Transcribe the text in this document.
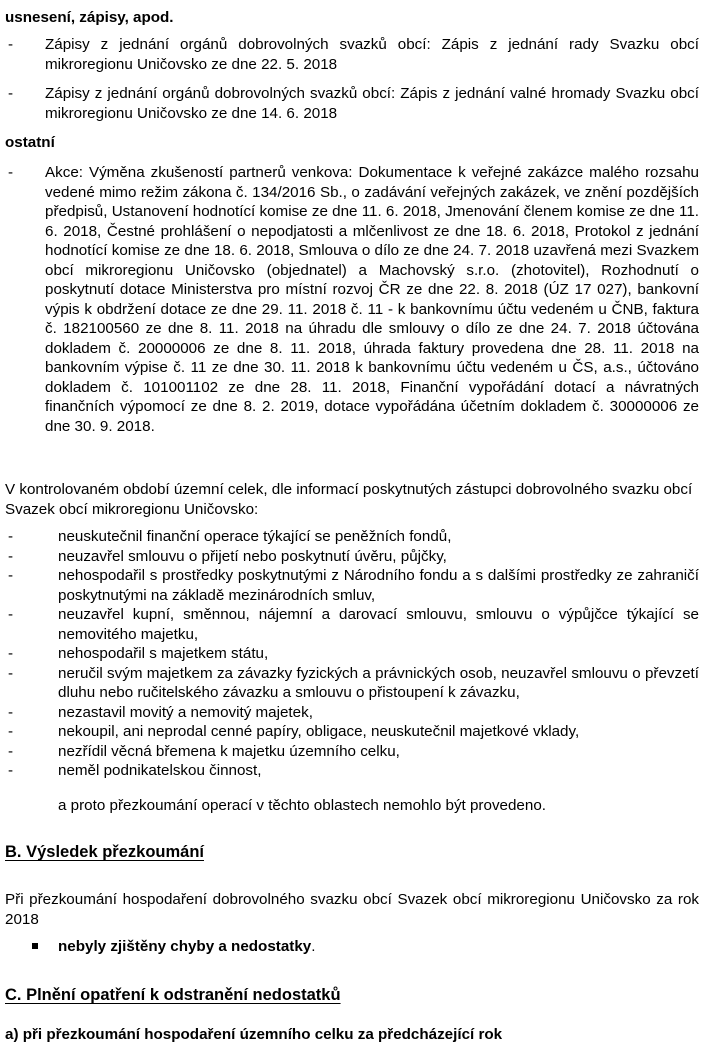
usnesení, zápisy, apod.
- Zápisy z jednání orgánů dobrovolných svazků obcí: Zápis z jednání rady Svazku obcí mikroregionu Uničovsko ze dne 22. 5. 2018
- Zápisy z jednání orgánů dobrovolných svazků obcí: Zápis z jednání valné hromady Svazku obcí mikroregionu Uničovsko ze dne 14. 6. 2018
ostatní
- Akce: Výměna zkušeností partnerů venkova: Dokumentace k veřejné zakázce malého rozsahu vedené mimo režim zákona č. 134/2016 Sb., o zadávání veřejných zakázek, ve znění pozdějších předpisů, Ustanovení hodnotící komise ze dne 11. 6. 2018, Jmenování členem komise ze dne 11. 6. 2018, Čestné prohlášení o nepodjatosti a mlčenlivost ze dne 18. 6. 2018, Protokol z jednání hodnotící komise ze dne 18. 6. 2018, Smlouva o dílo ze dne 24. 7. 2018 uzavřená mezi Svazkem obcí mikroregionu Uničovsko (objednatel) a Machovský s.r.o. (zhotovitel), Rozhodnutí o poskytnutí dotace Ministerstva pro místní rozvoj ČR ze dne 22. 8. 2018 (ÚZ 17 027), bankovní výpis k obdržení dotace ze dne 29. 11. 2018 č. 11 - k bankovnímu účtu vedeném u ČNB, faktura č. 182100560 ze dne 8. 11. 2018 na úhradu dle smlouvy o dílo ze dne 24. 7. 2018 účtována dokladem č. 20000006 ze dne 8. 11. 2018, úhrada faktury provedena dne 28. 11. 2018 na bankovním výpise č. 11 ze dne 30. 11. 2018 k bankovnímu účtu vedeném u ČS, a.s., účtováno dokladem č. 101001102 ze dne 28. 11. 2018, Finanční vypořádání dotací a návratných finančních výpomocí ze dne 8. 2. 2019, dotace vypořádána účetním dokladem č. 30000006 ze dne 30. 9. 2018.
V kontrolovaném období územní celek, dle informací poskytnutých zástupci dobrovolného svazku obcí Svazek obcí mikroregionu Uničovsko:
-	neuskutečnil finanční operace týkající se peněžních fondů,
-	neuzavřel smlouvu o přijetí nebo poskytnutí úvěru, půjčky,
-	nehospodařil s prostředky poskytnutými z Národního fondu a s dalšími prostředky ze zahraničí poskytnutými na základě mezinárodních smluv,
-	neuzavřel kupní, směnnou, nájemní a darovací smlouvu, smlouvu o výpůjčce týkající se nemovitého majetku,
-	nehospodařil s majetkem státu,
-	neručil svým majetkem za závazky fyzických a právnických osob, neuzavřel smlouvu o převzetí dluhu nebo ručitelského závazku a smlouvu o přistoupení k závazku,
-	nezastavil movitý a nemovitý majetek,
-	nekoupil, ani neprodal cenné papíry, obligace, neuskutečnil majetkové vklady,
-	nezřídil věcná břemena k majetku územního celku,
-	neměl podnikatelskou činnost,
a proto přezkoumání operací v těchto oblastech nemohlo být provedeno.
B. Výsledek přezkoumání
Při přezkoumání hospodaření dobrovolného svazku obcí Svazek obcí mikroregionu Uničovsko za rok 2018
nebyly zjištěny chyby a nedostatky.
C. Plnění opatření k odstranění nedostatků
a) při přezkoumání hospodaření územního celku za předcházející rok
